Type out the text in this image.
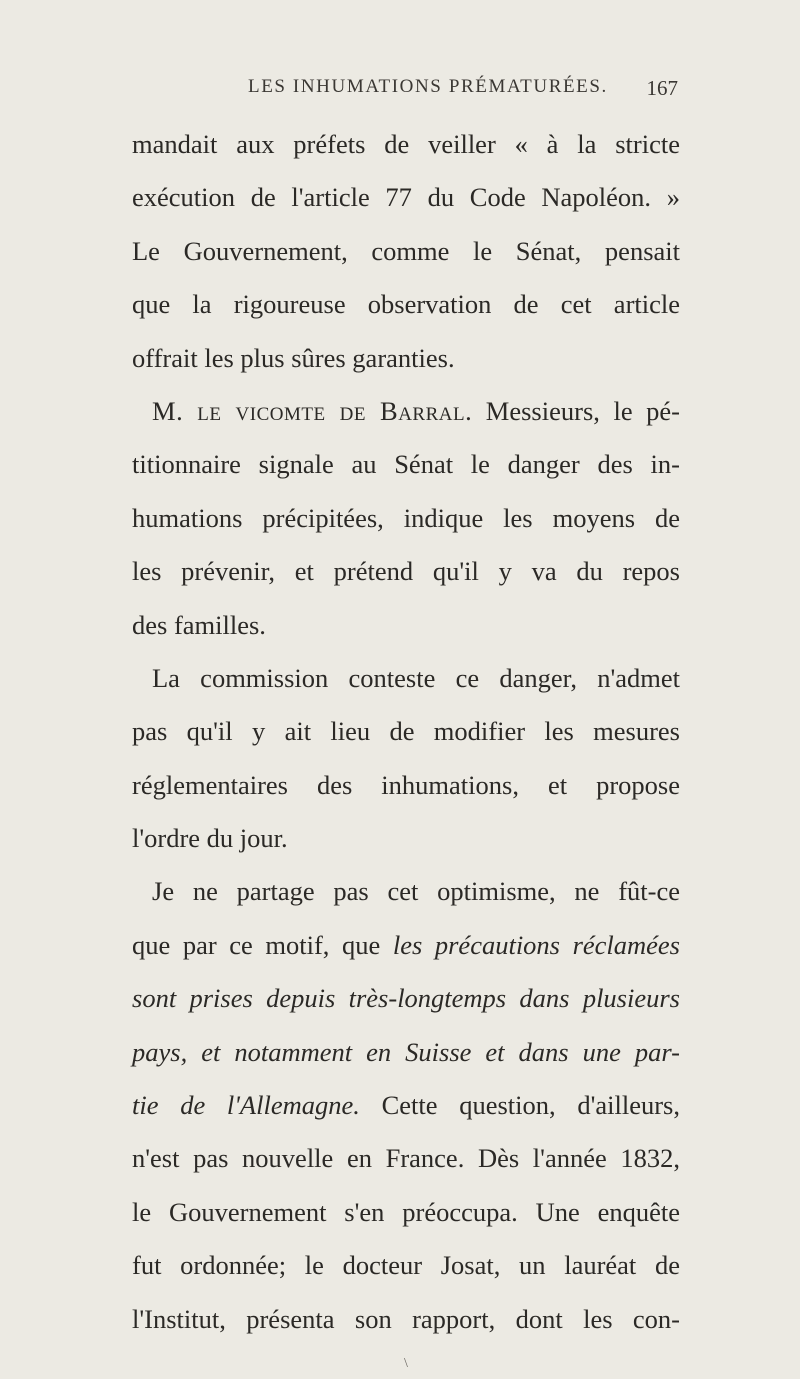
LES INHUMATIONS PRÉMATURÉES. 167
mandait aux préfets de veiller « à la stricte
exécution de l'article 77 du Code Napoléon. »
Le Gouvernement, comme le Sénat, pensait
que la rigoureuse observation de cet article
offrait les plus sûres garanties.
M. le vicomte de Barral. Messieurs, le pé-
titionnaire signale au Sénat le danger des in-
humations précipitées, indique les moyens de
les prévenir, et prétend qu'il y va du repos
des familles.
La commission conteste ce danger, n'admet
pas qu'il y ait lieu de modifier les mesures
réglementaires des inhumations, et propose
l'ordre du jour.
Je ne partage pas cet optimisme, ne fût-ce
que par ce motif, que les précautions réclamées
sont prises depuis très-longtemps dans plusieurs
pays, et notamment en Suisse et dans une par-
tie de l'Allemagne. Cette question, d'ailleurs,
n'est pas nouvelle en France. Dès l'année 1832,
le Gouvernement s'en préoccupa. Une enquête
fut ordonnée; le docteur Josat, un lauréat de
l'Institut, présenta son rapport, dont les con-
\
